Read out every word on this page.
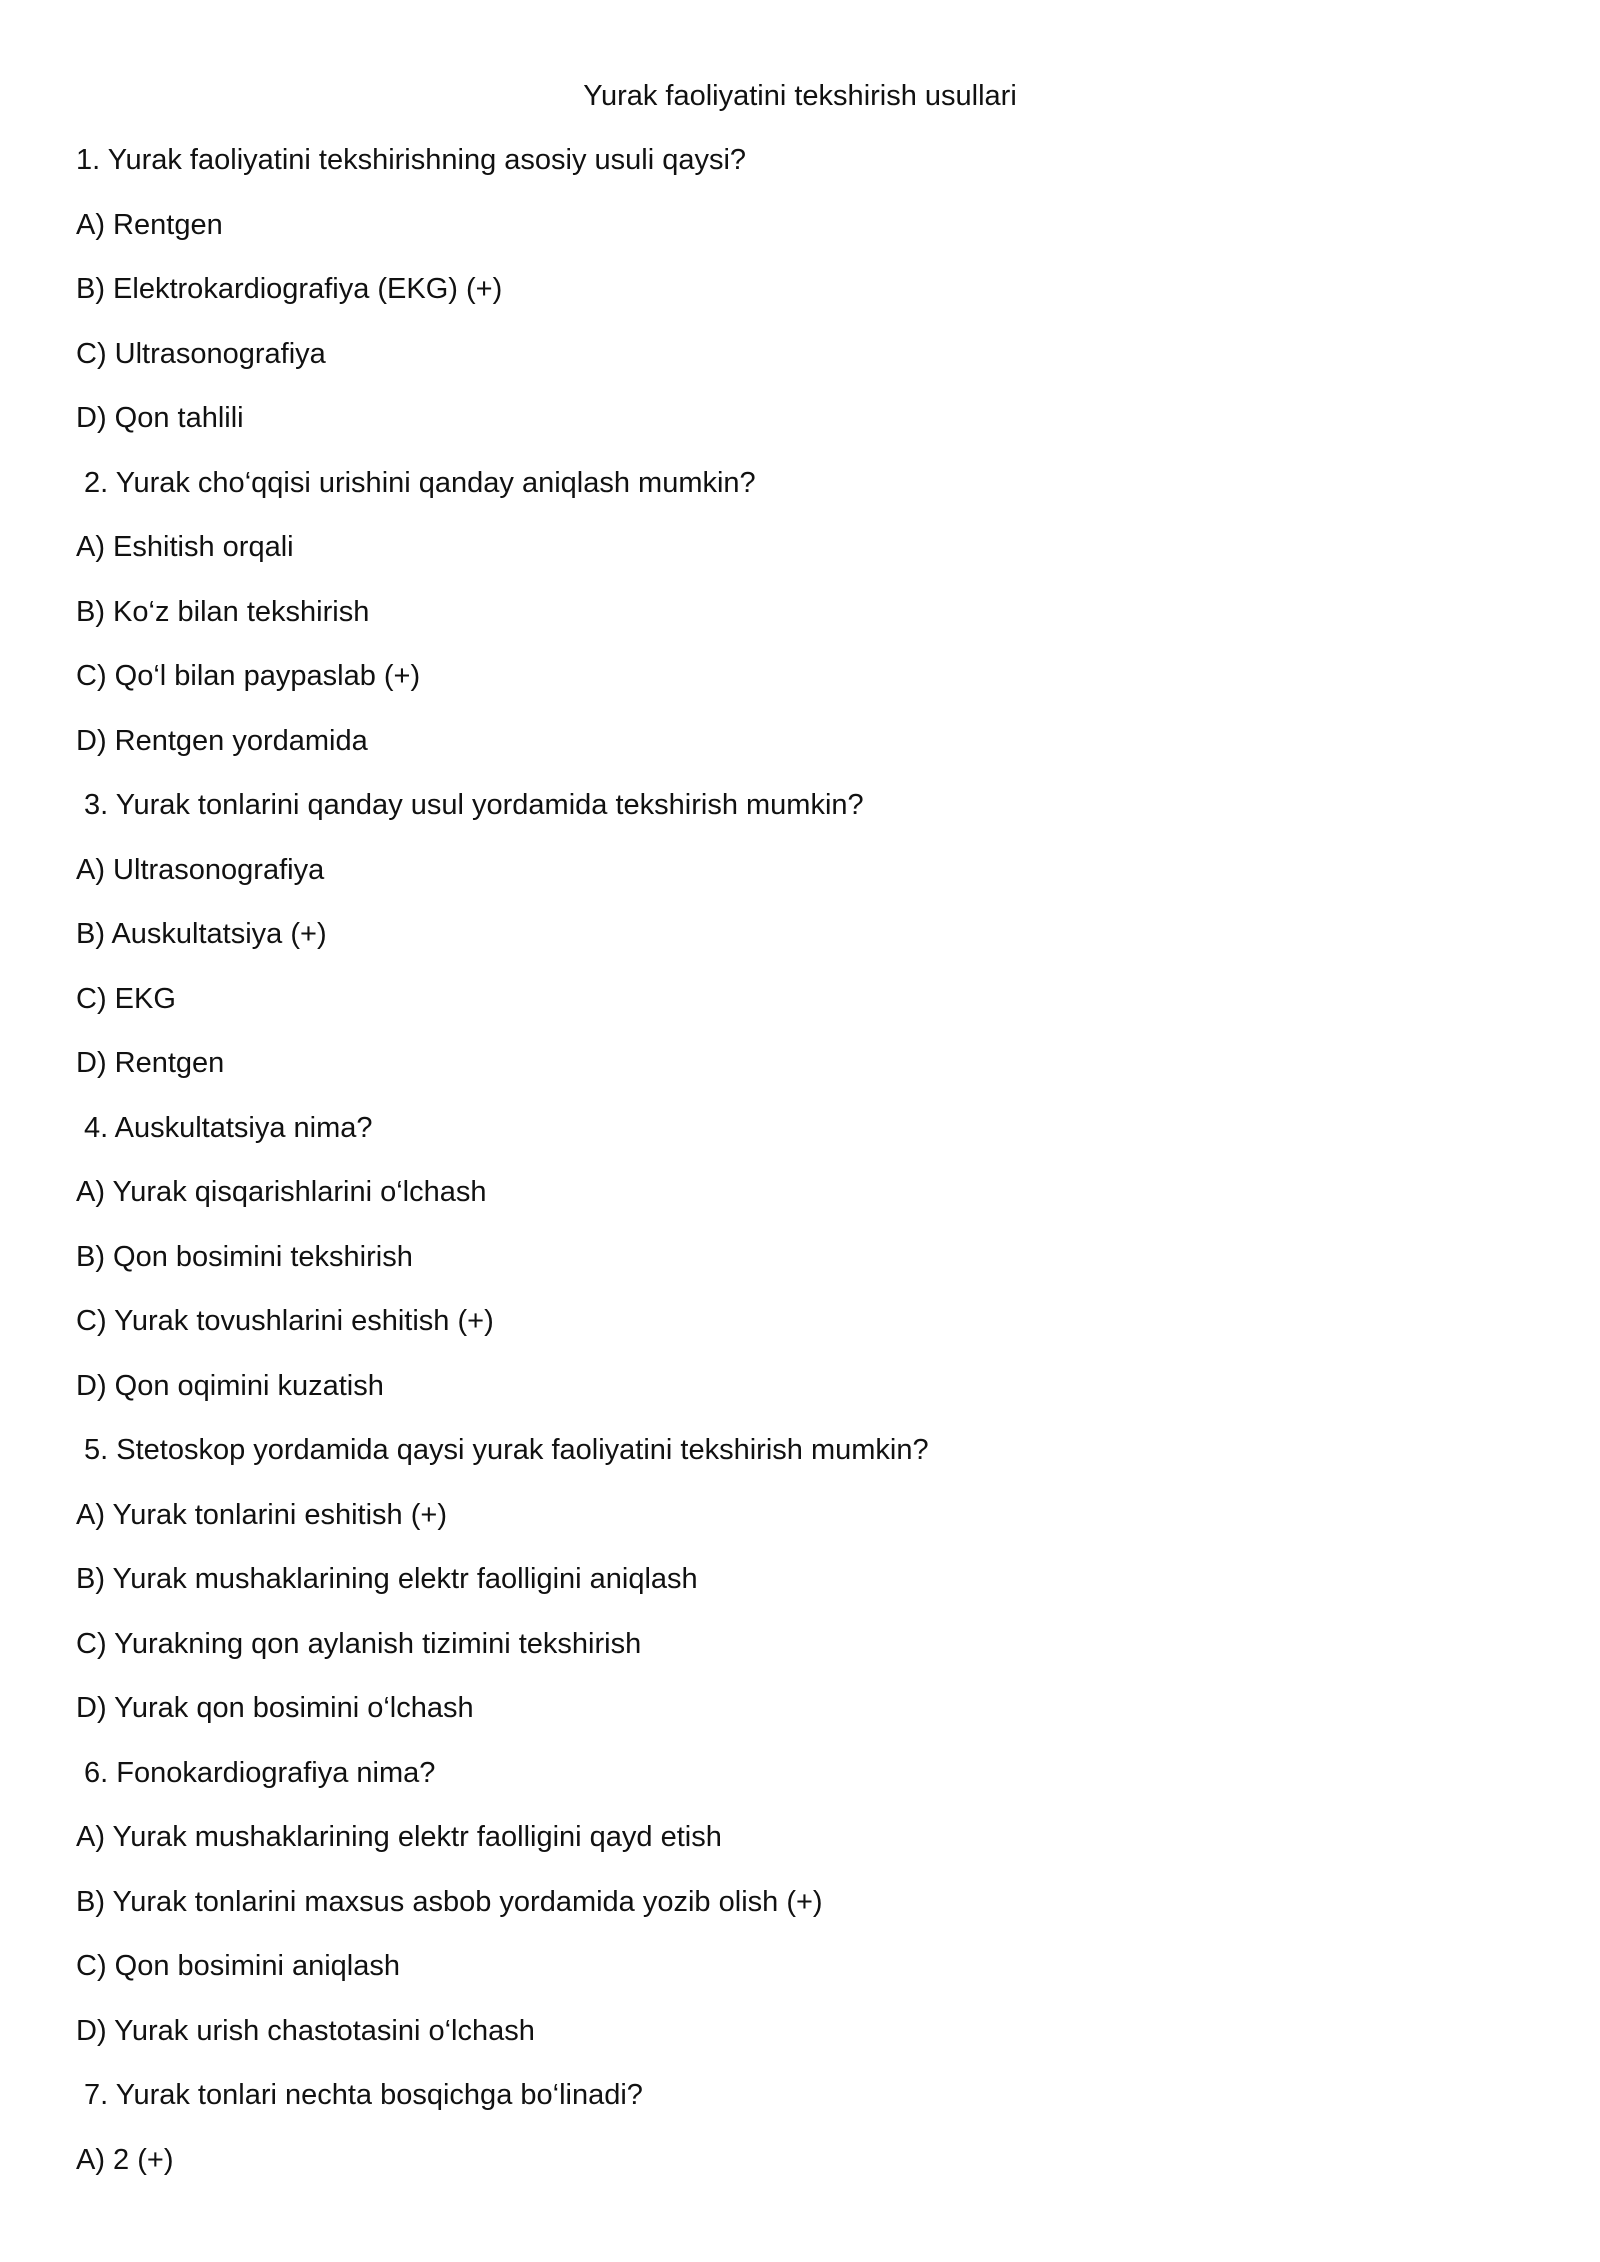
Yurak faoliyatini tekshirish usullari
1. Yurak faoliyatini tekshirishning asosiy usuli qaysi?
A) Rentgen
B) Elektrokardiografiya (EKG) (+)
C) Ultrasonografiya
D) Qon tahlili
2. Yurak cho‘qqisi urishini qanday aniqlash mumkin?
A) Eshitish orqali
B) Ko‘z bilan tekshirish
C) Qo‘l bilan paypaslab (+)
D) Rentgen yordamida
3. Yurak tonlarini qanday usul yordamida tekshirish mumkin?
A) Ultrasonografiya
B) Auskultatsiya (+)
C) EKG
D) Rentgen
4. Auskultatsiya nima?
A) Yurak qisqarishlarini o‘lchash
B) Qon bosimini tekshirish
C) Yurak tovushlarini eshitish (+)
D) Qon oqimini kuzatish
5. Stetoskop yordamida qaysi yurak faoliyatini tekshirish mumkin?
A) Yurak tonlarini eshitish (+)
B) Yurak mushaklarining elektr faolligini aniqlash
C) Yurakning qon aylanish tizimini tekshirish
D) Yurak qon bosimini o‘lchash
6. Fonokardiografiya nima?
A) Yurak mushaklarining elektr faolligini qayd etish
B) Yurak tonlarini maxsus asbob yordamida yozib olish (+)
C) Qon bosimini aniqlash
D) Yurak urish chastotasini o‘lchash
7. Yurak tonlari nechta bosqichga bo‘linadi?
A) 2 (+)
